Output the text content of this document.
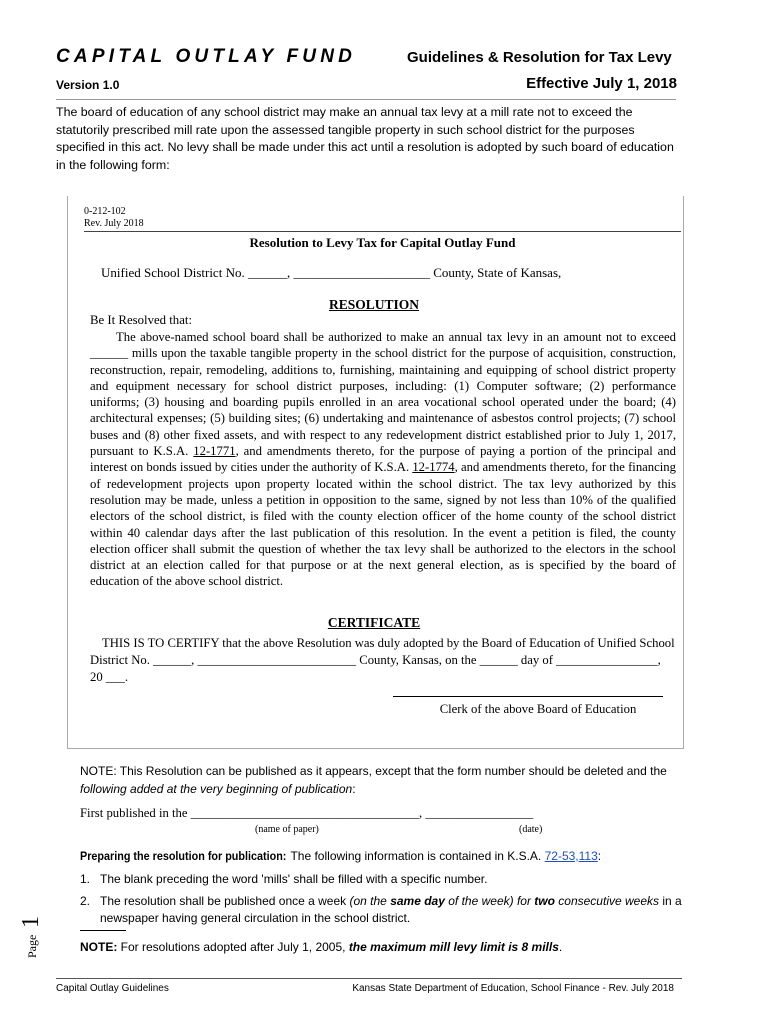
CAPITAL OUTLAY FUND	Guidelines & Resolution for Tax Levy
Version 1.0	Effective July 1, 2018
The board of education of any school district may make an annual tax levy at a mill rate not to exceed the statutorily prescribed mill rate upon the assessed tangible property in such school district for the purposes specified in this act. No levy shall be made under this act until a resolution is adopted by such board of education in the following form:
0-212-102
Rev. July 2018
Resolution to Levy Tax for Capital Outlay Fund
Unified School District No. ______, _____________________ County, State of Kansas,
RESOLUTION
Be It Resolved that:
The above-named school board shall be authorized to make an annual tax levy in an amount not to exceed ______ mills upon the taxable tangible property in the school district for the purpose of acquisition, construction, reconstruction, repair, remodeling, additions to, furnishing, maintaining and equipping of school district property and equipment necessary for school district purposes, including: (1) Computer software; (2) performance uniforms; (3) housing and boarding pupils enrolled in an area vocational school operated under the board; (4) architectural expenses; (5) building sites; (6) undertaking and maintenance of asbestos control projects; (7) school buses and (8) other fixed assets, and with respect to any redevelopment district established prior to July 1, 2017, pursuant to K.S.A. 12-1771, and amendments thereto, for the purpose of paying a portion of the principal and interest on bonds issued by cities under the authority of K.S.A. 12-1774, and amendments thereto, for the financing of redevelopment projects upon property located within the school district. The tax levy authorized by this resolution may be made, unless a petition in opposition to the same, signed by not less than 10% of the qualified electors of the school district, is filed with the county election officer of the home county of the school district within 40 calendar days after the last publication of this resolution. In the event a petition is filed, the county election officer shall submit the question of whether the tax levy shall be authorized to the electors in the school district at an election called for that purpose or at the next general election, as is specified by the board of education of the above school district.
CERTIFICATE
THIS IS TO CERTIFY that the above Resolution was duly adopted by the Board of Education of Unified School District No. ______, _________________________ County, Kansas, on the ______ day of ________________, 20 ___.
Clerk of the above Board of Education
NOTE: This Resolution can be published as it appears, except that the form number should be deleted and the following added at the very beginning of publication:
First published in the ____________________________________, _________________
(name of paper)	(date)
Preparing the resolution for publication: The following information is contained in K.S.A. 72-53,113:
1. The blank preceding the word 'mills' shall be filled with a specific number.
2. The resolution shall be published once a week (on the same day of the week) for two consecutive weeks in a newspaper having general circulation in the school district.
NOTE: For resolutions adopted after July 1, 2005, the maximum mill levy limit is 8 mills.
Page
1
Capital Outlay Guidelines	Kansas State Department of Education, School Finance - Rev. July 2018
